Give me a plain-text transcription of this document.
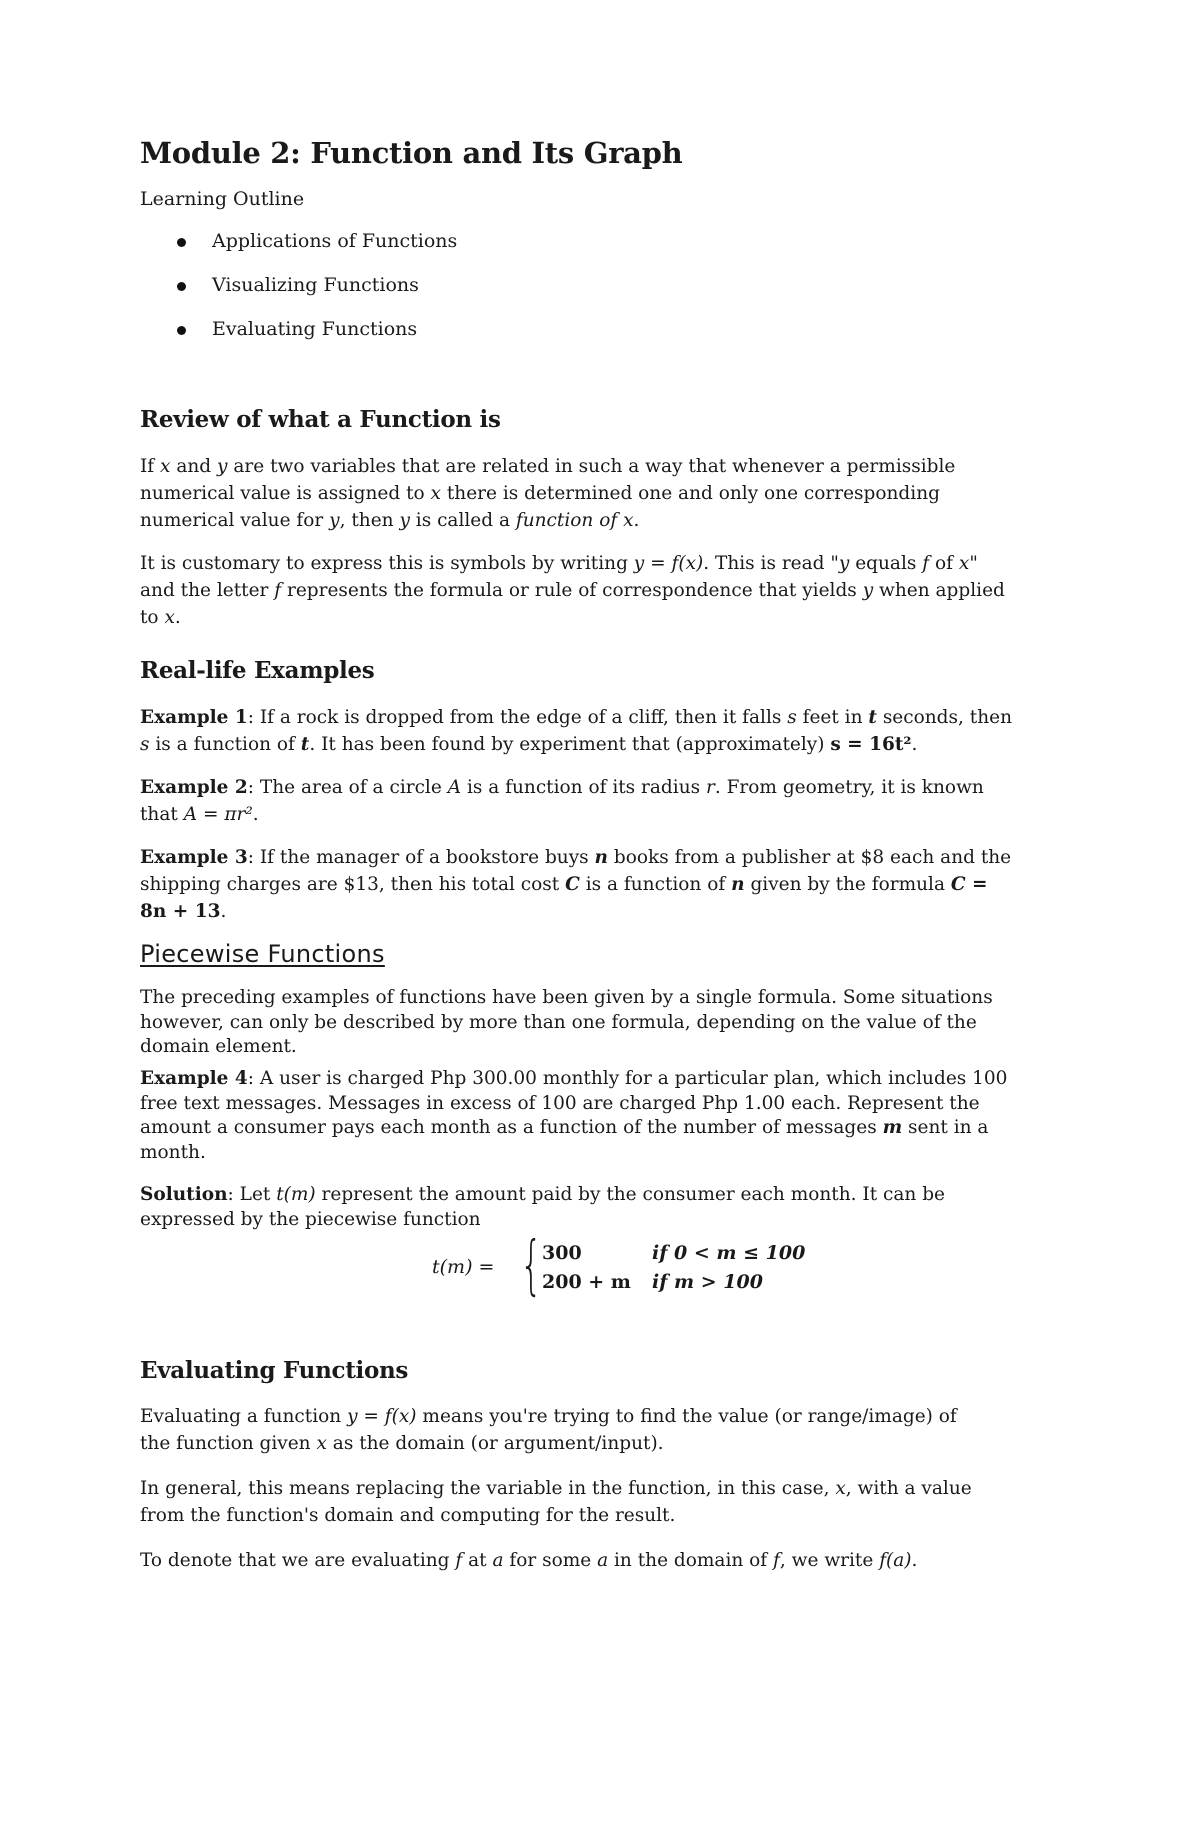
Module 2: Function and Its Graph
Learning Outline
Applications of Functions
Visualizing Functions
Evaluating Functions
Review of what a Function is
If x and y are two variables that are related in such a way that whenever a permissible
numerical value is assigned to x there is determined one and only one corresponding
numerical value for y, then y is called a function of x.
It is customary to express this is symbols by writing y = f(x). This is read "y equals f of x"
and the letter f represents the formula or rule of correspondence that yields y when applied
to x.
Real-life Examples
Example 1: If a rock is dropped from the edge of a cliff, then it falls s feet in t seconds, then
s is a function of t. It has been found by experiment that (approximately) s = 16t².
Example 2: The area of a circle A is a function of its radius r. From geometry, it is known
that A = πr².
Example 3: If the manager of a bookstore buys n books from a publisher at $8 each and the
shipping charges are $13, then his total cost C is a function of n given by the formula C =
8n + 13.
Piecewise Functions
The preceding examples of functions have been given by a single formula. Some situations
however, can only be described by more than one formula, depending on the value of the
domain element.
Example 4: A user is charged Php 300.00 monthly for a particular plan, which includes 100
free text messages. Messages in excess of 100 are charged Php 1.00 each. Represent the
amount a consumer pays each month as a function of the number of messages m sent in a
month.
Solution: Let t(m) represent the amount paid by the consumer each month. It can be
expressed by the piecewise function
t(m) = { 300	if 0 < m ≤ 100
200 + m if m > 100
Evaluating Functions
Evaluating a function y = f(x) means you're trying to find the value (or range/image) of
the function given x as the domain (or argument/input).
In general, this means replacing the variable in the function, in this case, x, with a value
from the function's domain and computing for the result.
To denote that we are evaluating f at a for some a in the domain of f, we write f(a).
